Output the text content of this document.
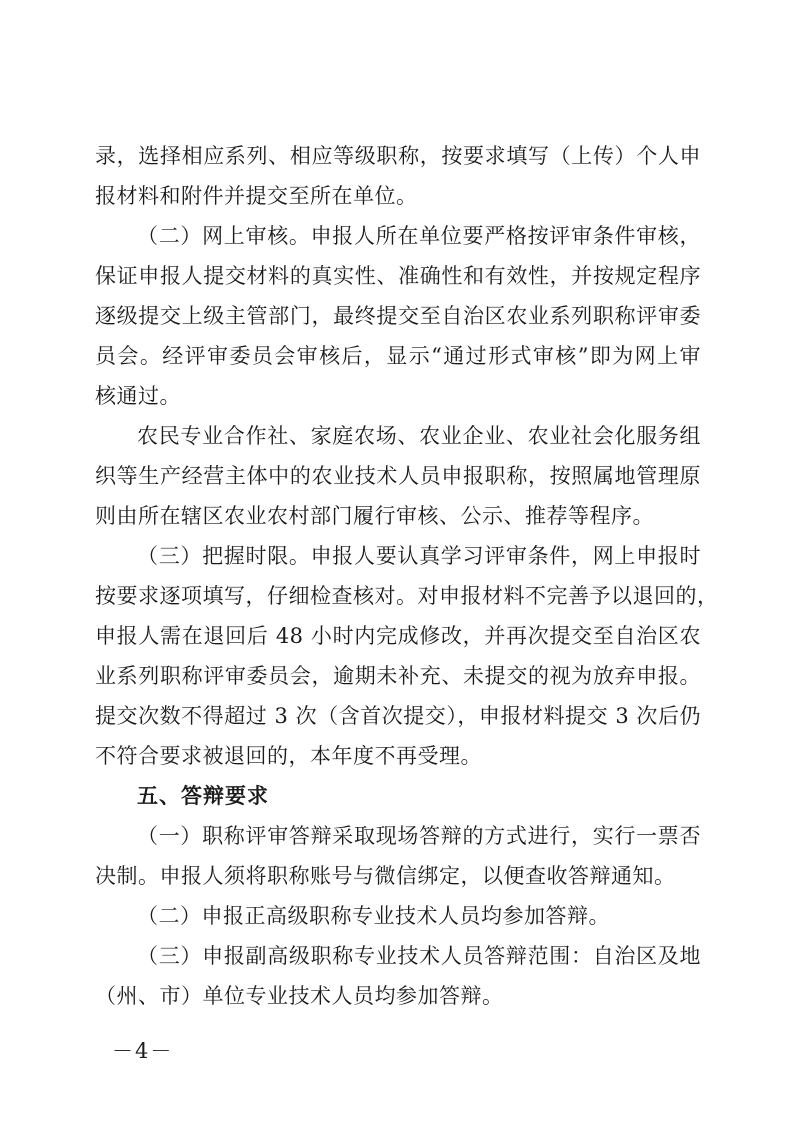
录，选择相应系列、相应等级职称，按要求填写（上传）个人申
报材料和附件并提交至所在单位。
（二）网上审核。申报人所在单位要严格按评审条件审核，
保证申报人提交材料的真实性、准确性和有效性，并按规定程序
逐级提交上级主管部门，最终提交至自治区农业系列职称评审委
员会。经评审委员会审核后，显示“通过形式审核”即为网上审
核通过。
农民专业合作社、家庭农场、农业企业、农业社会化服务组
织等生产经营主体中的农业技术人员申报职称，按照属地管理原
则由所在辖区农业农村部门履行审核、公示、推荐等程序。
（三）把握时限。申报人要认真学习评审条件，网上申报时
按要求逐项填写，仔细检查核对。对申报材料不完善予以退回的，
申报人需在退回后 48 小时内完成修改，并再次提交至自治区农
业系列职称评审委员会，逾期未补充、未提交的视为放弃申报。
提交次数不得超过 3 次（含首次提交），申报材料提交 3 次后仍
不符合要求被退回的，本年度不再受理。
五、答辩要求
（一）职称评审答辩采取现场答辩的方式进行，实行一票否
决制。申报人须将职称账号与微信绑定，以便查收答辩通知。
（二）申报正高级职称专业技术人员均参加答辩。
（三）申报副高级职称专业技术人员答辩范围：自治区及地
（州、市）单位专业技术人员均参加答辩。
－4－
